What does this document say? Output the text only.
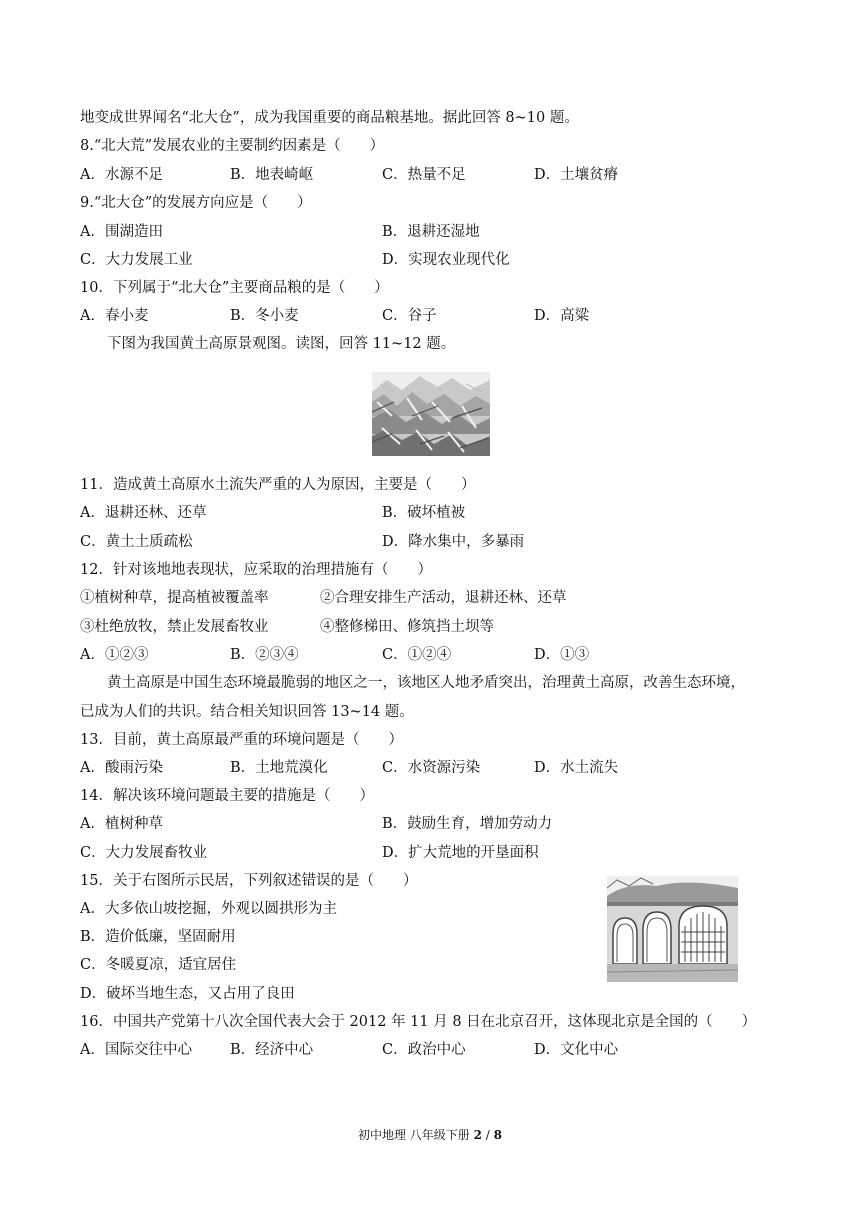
地变成世界闻名“北大仓”，成为我国重要的商品粮基地。据此回答 8~10 题。
8.“北大荒”发展农业的主要制约因素是（　　）
A．水源不足	B．地表崎岖	C．热量不足	D．土壤贫瘠
9.“北大仓”的发展方向应是（　　）
A．围湖造田	B．退耕还湿地
C．大力发展工业	D．实现农业现代化
10．下列属于“北大仓”主要商品粮的是（　　）
A．春小麦	B．冬小麦	C．谷子	D．高粱
下图为我国黄土高原景观图。读图，回答 11~12 题。
11．造成黄土高原水土流失严重的人为原因，主要是（　　）
A．退耕还林、还草	B．破坏植被
C．黄土土质疏松	D．降水集中，多暴雨
12．针对该地地表现状，应采取的治理措施有（　　）
①植树种草，提高植被覆盖率	②合理安排生产活动，退耕还林、还草
③杜绝放牧，禁止发展畜牧业	④整修梯田、修筑挡土坝等
A．①②③	B．②③④	C．①②④	D．①③
黄土高原是中国生态环境最脆弱的地区之一，该地区人地矛盾突出，治理黄土高原，改善生态环境，
已成为人们的共识。结合相关知识回答 13~14 题。
13．目前，黄土高原最严重的环境问题是（　　）
A．酸雨污染	B．土地荒漠化	C．水资源污染	D．水土流失
14．解决该环境问题最主要的措施是（　　）
A．植树种草	B．鼓励生育，增加劳动力
C．大力发展畜牧业	D．扩大荒地的开垦面积
15．关于右图所示民居，下列叙述错误的是（　　）
A．大多依山坡挖掘，外观以圆拱形为主
B．造价低廉，坚固耐用
C．冬暖夏凉，适宜居住
D．破坏当地生态，又占用了良田
16．中国共产党第十八次全国代表大会于 2012 年 11 月 8 日在北京召开，这体现北京是全国的（　　）
A．国际交往中心	B．经济中心	C．政治中心	D．文化中心
初中地理 八年级下册 2 / 8
